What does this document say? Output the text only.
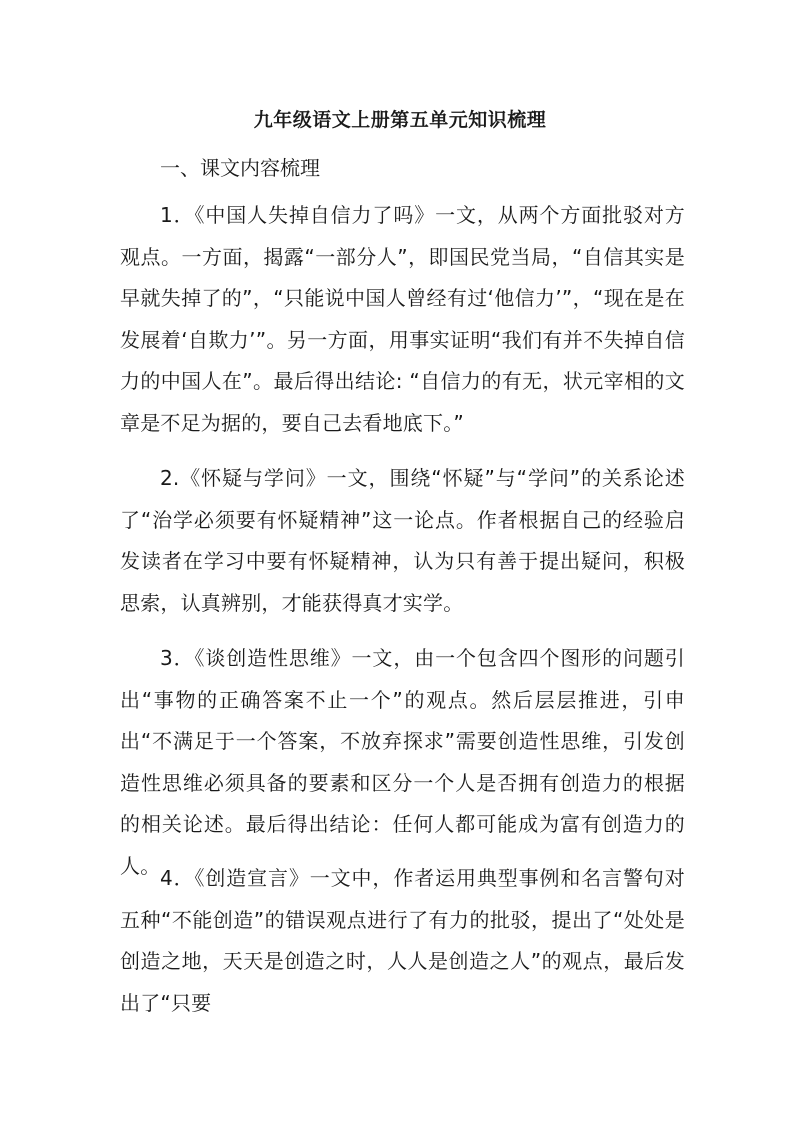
九年级语文上册第五单元知识梳理
一、课文内容梳理
1．《中国人失掉自信力了吗》一文，从两个方面批驳对方观点。一方面，揭露“一部分人”，即国民党当局，“自信其实是早就失掉了的”，“只能说中国人曾经有过‘他信力’”，“现在是在发展着‘自欺力’”。另一方面，用事实证明“我们有并不失掉自信力的中国人在”。最后得出结论: “自信力的有无，状元宰相的文章是不足为据的，要自己去看地底下。”
2.《怀疑与学问》一文，围绕“怀疑”与“学问”的关系论述了“治学必须要有怀疑精神”这一论点。作者根据自己的经验启发读者在学习中要有怀疑精神，认为只有善于提出疑问，积极思索，认真辨别，才能获得真才实学。
3．《谈创造性思维》一文，由一个包含四个图形的问题引出“事物的正确答案不止一个”的观点。然后层层推进，引申出“不满足于一个答案，不放弃探求”需要创造性思维，引发创造性思维必须具备的要素和区分一个人是否拥有创造力的根据的相关论述。最后得出结论：任何人都可能成为富有创造力的人。
4．《创造宣言》一文中，作者运用典型事例和名言警句对五种“不能创造”的错误观点进行了有力的批驳，提出了“处处是创造之地，天天是创造之时，人人是创造之人”的观点，最后发出了“只要
